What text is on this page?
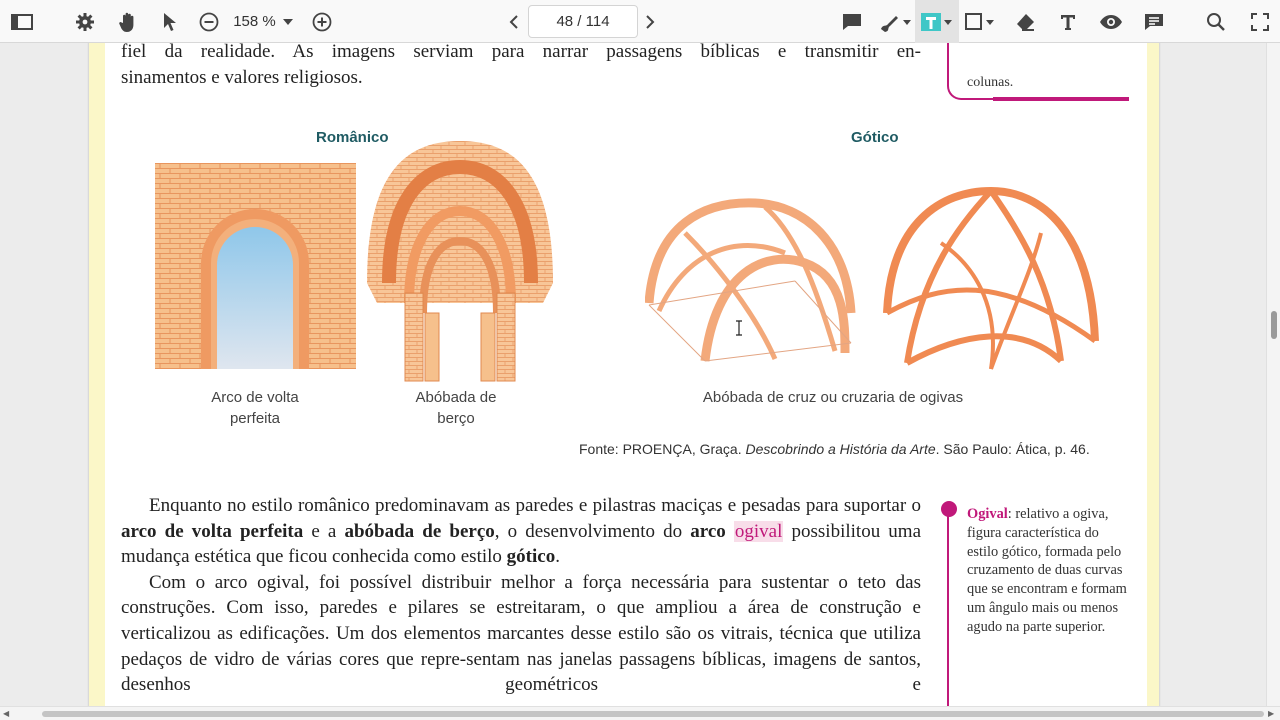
158 %	48 / 114
fiel da realidade. As imagens serviam para narrar passagens bíblicas e transmitir en-
sinamentos e valores religiosos.	colunas.
Românico	Gótico
Arco de volta
perfeita
Abóbada de
berço
Abóbada de cruz ou cruzaria de ogivas
Fonte: PROENÇA, Graça. Descobrindo a História da Arte. São Paulo: Ática, p. 46.

Enquanto no estilo românico predominavam as paredes e pilastras maciças e pesadas para suportar o arco de volta perfeita e a abóbada de berço, o desenvolvimento do arco ogival possibilitou uma mudança estética que ficou conhecida como estilo gótico.

Com o arco ogival, foi possível distribuir melhor a força necessária para sustentar o teto das construções. Com isso, paredes e pilares se estreitaram, o que ampliou a área de construção e verticalizou as edificações. Um dos elementos marcantes desse estilo são os vitrais, técnica que utiliza pedaços de vidro de várias cores que repre-sentam nas janelas passagens bíblicas, imagens de santos, desenhos geométricos e

Ogival: relativo a ogiva, figura característica do estilo gótico, formada pelo cruzamento de duas curvas que se encontram e formam um ângulo mais ou menos agudo na parte superior.
◀	▶
